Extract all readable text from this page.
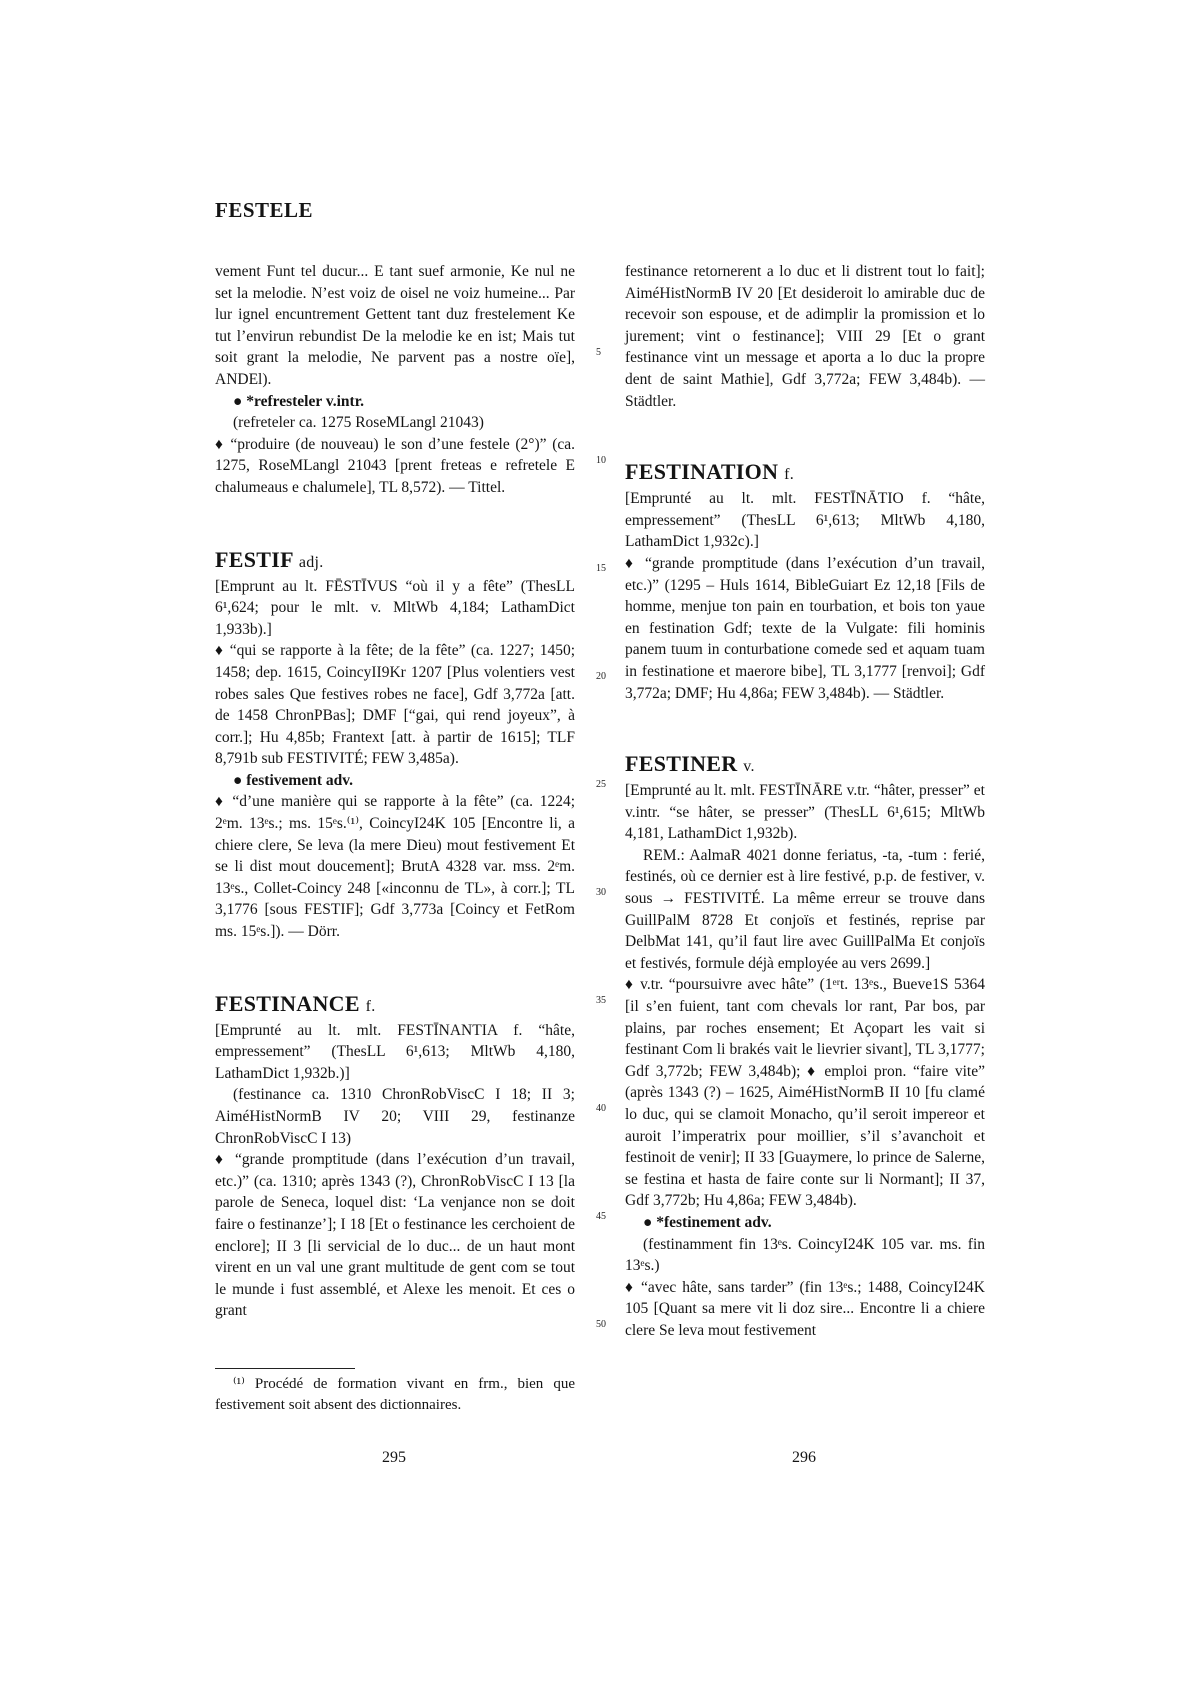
FESTELE

vement Funt tel ducur... E tant suef armonie, Ke nul ne set la melodie. N’est voiz de oisel ne voiz humeine... Par lur ignel encuntrement Gettent tant duz frestelement Ke tut l’envirun rebundist De la melodie ke en ist; Mais tut soit grant la melodie, Ne parvent pas a nostre oïe], ANDEl).

● *refresteler v.intr.

(refreteler ca. 1275 RoseMLangl 21043)

♦ “produire (de nouveau) le son d’une festele (2°)” (ca. 1275, RoseMLangl 21043 [prent freteas e refretele E chalumeaus e chalumele], TL 8,572). — Tittel.

FESTIF adj.

[Emprunt au lt. FĒSTĪVUS “où il y a fête” (ThesLL 6¹,624; pour le mlt. v. MltWb 4,184; LathamDict 1,933b).]

♦ “qui se rapporte à la fête; de la fête” (ca. 1227; 1450; 1458; dep. 1615, CoincyII9Kr 1207 [Plus volentiers vest robes sales Que festives robes ne face], Gdf 3,772a [att. de 1458 ChronPBas]; DMF [“gai, qui rend joyeux”, à corr.]; Hu 4,85b; Frantext [att. à partir de 1615]; TLF 8,791b sub FESTIVITÉ; FEW 3,485a).

● festivement adv.

♦ “d’une manière qui se rapporte à la fête” (ca. 1224; 2ᵉm. 13ᵉs.; ms. 15ᵉs.⁽¹⁾, CoincyI24K 105 [Encontre li, a chiere clere, Se leva (la mere Dieu) mout festivement Et se li dist mout doucement]; BrutA 4328 var. mss. 2ᵉm. 13ᵉs., Collet-Coincy 248 [«inconnu de TL», à corr.]; TL 3,1776 [sous FESTIF]; Gdf 3,773a [Coincy et FetRom ms. 15ᵉs.]). — Dörr.

FESTINANCE f.

[Emprunté au lt. mlt. FESTĪNANTIA f. “hâte, empressement” (ThesLL 6¹,613; MltWb 4,180, LathamDict 1,932b.)]

(festinance ca. 1310 ChronRobViscC I 18; II 3; AiméHistNormB IV 20; VIII 29, festinanze ChronRobViscC I 13)

♦ “grande promptitude (dans l’exécution d’un travail, etc.)” (ca. 1310; après 1343 (?), ChronRobViscC I 13 [la parole de Seneca, loquel dist: ‘La venjance non se doit faire o festinanze’]; I 18 [Et o festinance les cerchoient de enclore]; II 3 [li servicial de lo duc... de un haut mont virent en un val une grant multitude de gent com se tout le munde i fust assemblé, et Alexe les menoit. Et ces o grant

5
10
15
20
25
30
35
40
45
50

festinance retornerent a lo duc et li distrent tout lo fait]; AiméHistNormB IV 20 [Et desideroit lo amirable duc de recevoir son espouse, et de adimplir la promission et lo jurement; vint o festinance]; VIII 29 [Et o grant festinance vint un message et aporta a lo duc la propre dent de saint Mathie], Gdf 3,772a; FEW 3,484b). — Städtler.

FESTINATION f.

[Emprunté au lt. mlt. FESTĪNĀTIO f. “hâte, empressement” (ThesLL 6¹,613; MltWb 4,180, LathamDict 1,932c).]

♦ “grande promptitude (dans l’exécution d’un travail, etc.)” (1295 – Huls 1614, BibleGuiart Ez 12,18 [Fils de homme, menjue ton pain en tourbation, et bois ton yaue en festination Gdf; texte de la Vulgate: fili hominis panem tuum in conturbatione comede sed et aquam tuam in festinatione et maerore bibe], TL 3,1777 [renvoi]; Gdf 3,772a; DMF; Hu 4,86a; FEW 3,484b). — Städtler.

FESTINER v.

[Emprunté au lt. mlt. FESTĪNĀRE v.tr. “hâter, presser” et v.intr. “se hâter, se presser” (ThesLL 6¹,615; MltWb 4,181, LathamDict 1,932b).

REM.: AalmaR 4021 donne feriatus, -ta, -tum : ferié, festinés, où ce dernier est à lire festivé, p.p. de festiver, v. sous → FESTIVITÉ. La même erreur se trouve dans GuillPalM 8728 Et conjoïs et festinés, reprise par DelbMat 141, qu’il faut lire avec GuillPalMa Et conjoïs et festivés, formule déjà employée au vers 2699.]

♦ v.tr. “poursuivre avec hâte” (1ᵉʳt. 13ᵉs., Bueve1S 5364 [il s’en fuient, tant com chevals lor rant, Par bos, par plains, par roches ensement; Et Açopart les vait si festinant Com li brakés vait le lievrier sivant], TL 3,1777; Gdf 3,772b; FEW 3,484b); ♦ emploi pron. “faire vite” (après 1343 (?) – 1625, AiméHistNormB II 10 [fu clamé lo duc, qui se clamoit Monacho, qu’il seroit impereor et auroit l’imperatrix pour moillier, s’il s’avanchoit et festinoit de venir]; II 33 [Guaymere, lo prince de Salerne, se festina et hasta de faire conte sur li Normant]; II 37, Gdf 3,772b; Hu 4,86a; FEW 3,484b).

● *festinement adv.

(festinamment fin 13ᵉs. CoincyI24K 105 var. ms. fin 13ᵉs.)

♦ “avec hâte, sans tarder” (fin 13ᵉs.; 1488, CoincyI24K 105 [Quant sa mere vit li doz sire... Encontre li a chiere clere Se leva mout festivement

⁽¹⁾ Procédé de formation vivant en frm., bien que festivement soit absent des dictionnaires.
295	296
